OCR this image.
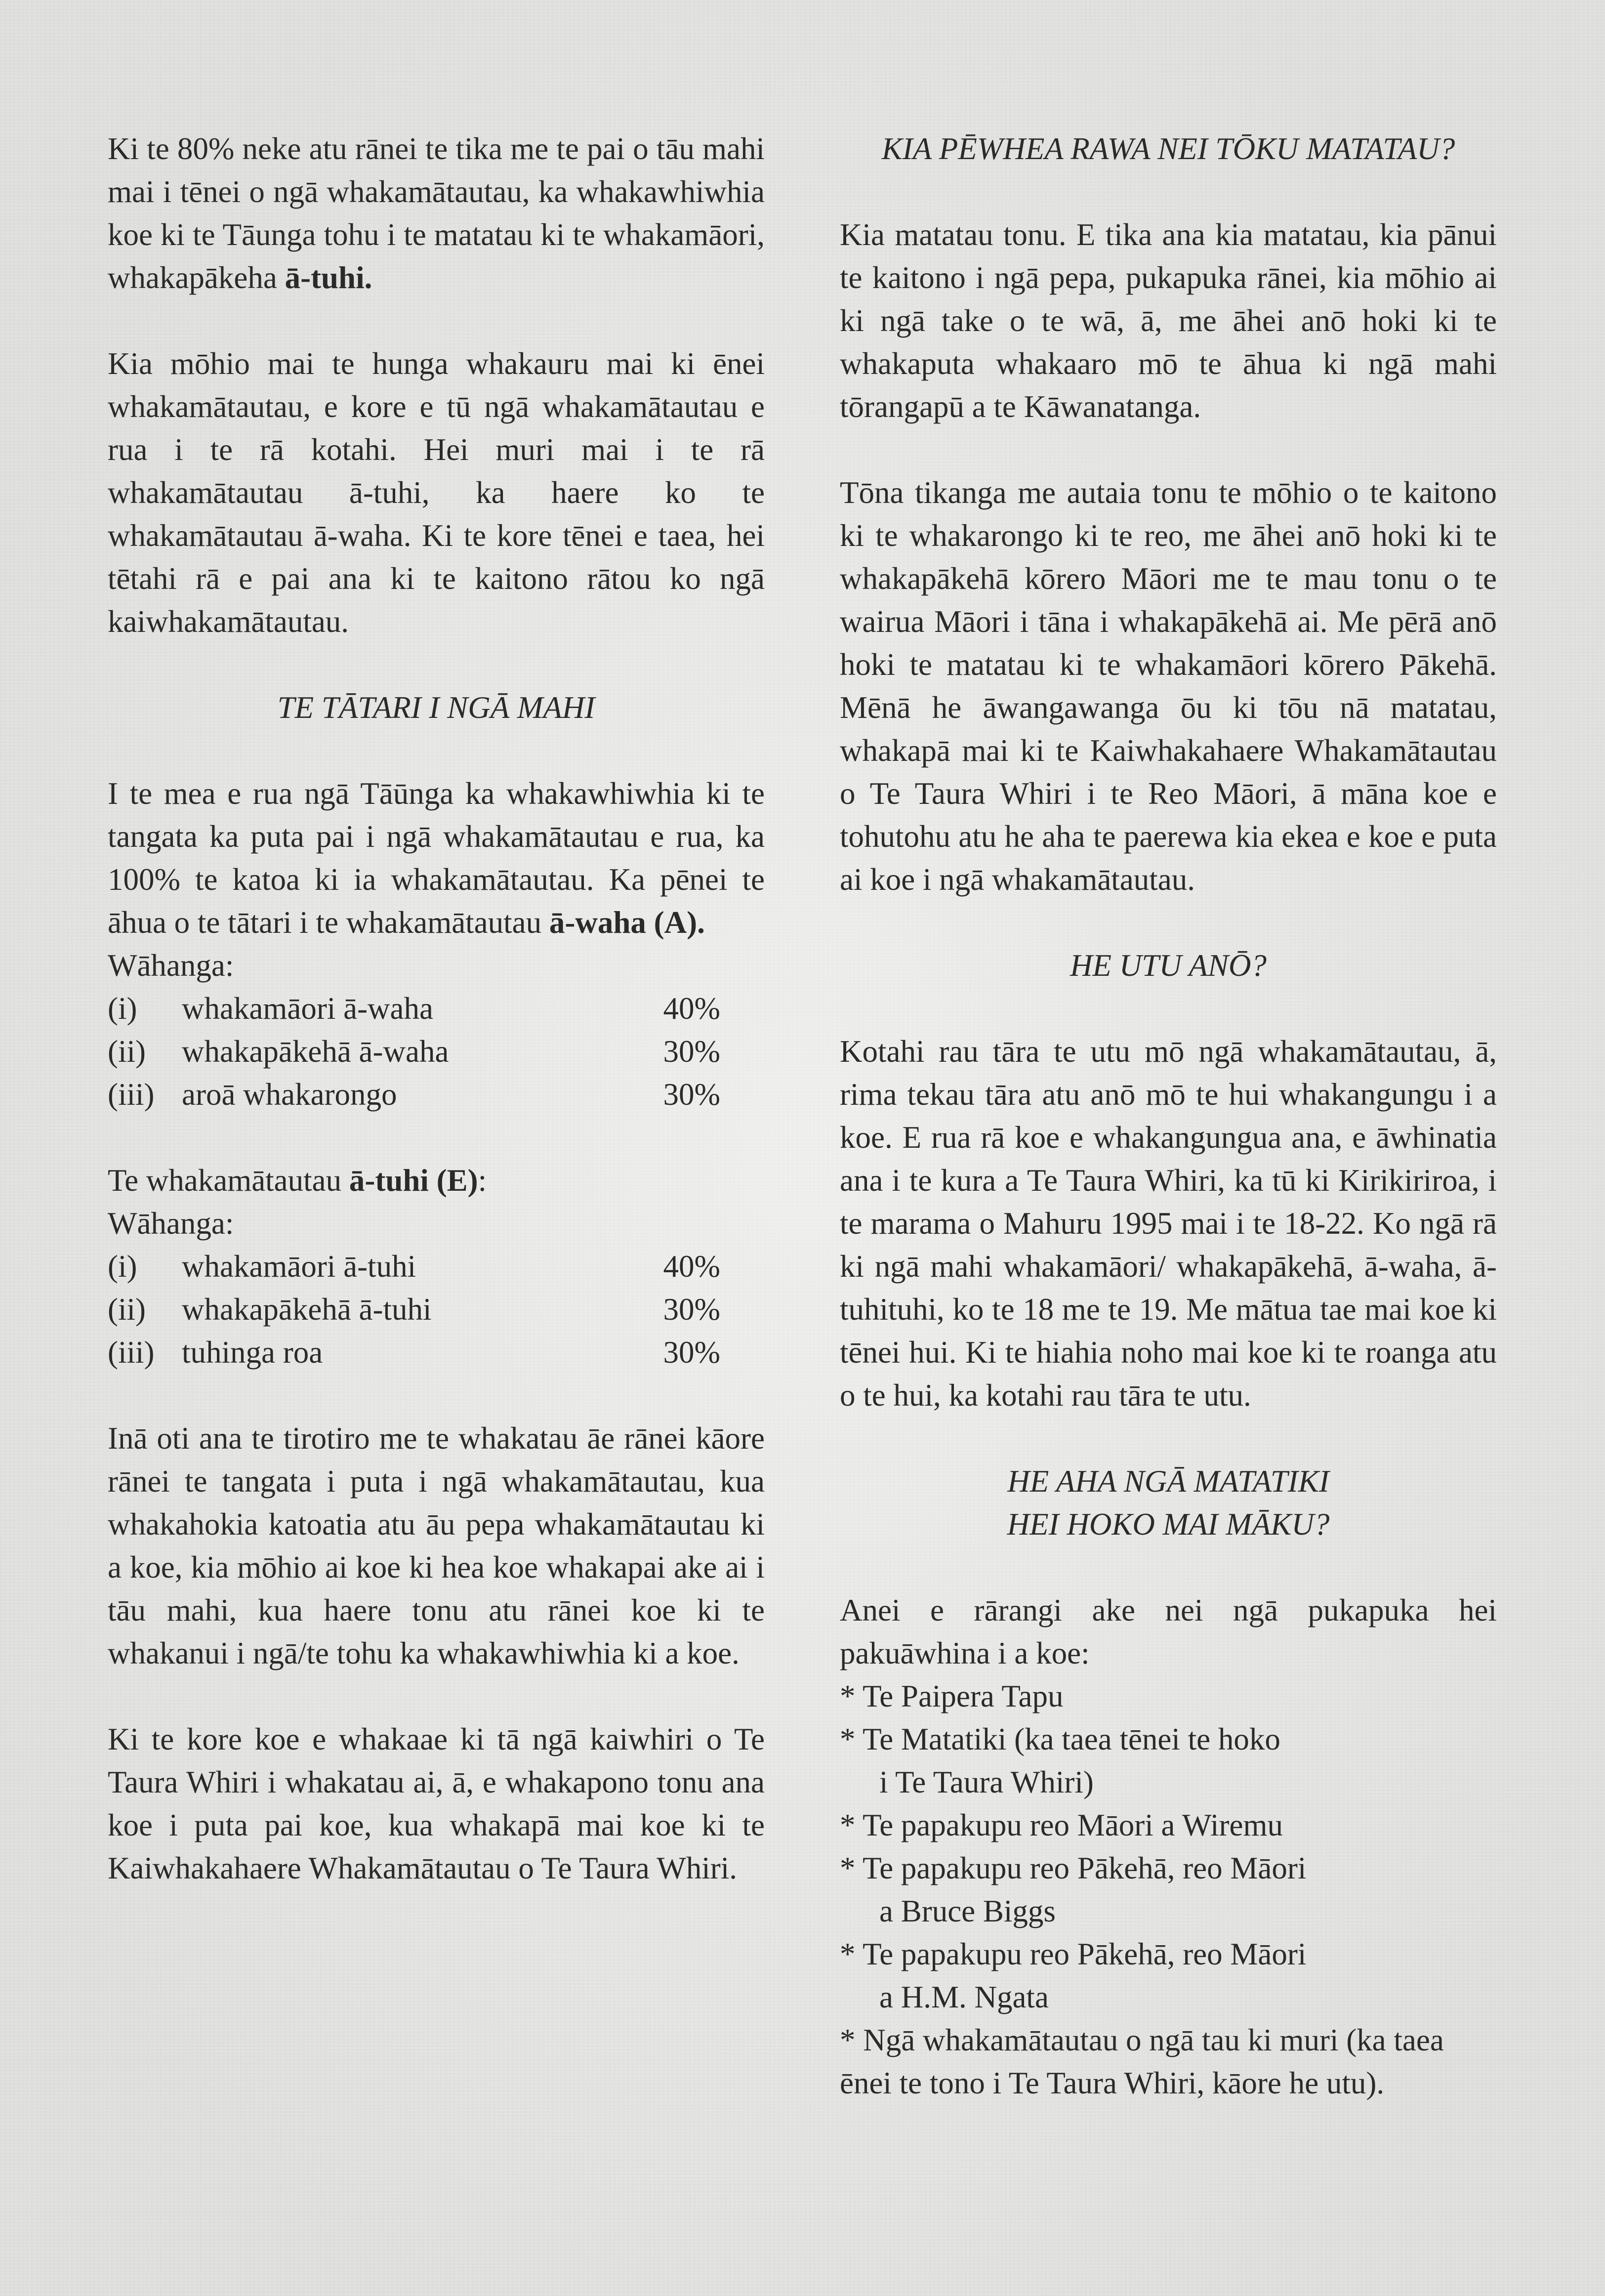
Ki te 80% neke atu rānei te tika me te pai o tāu mahi mai i tēnei o ngā whakamātautau, ka whakawhiwhia koe ki te Tāunga tohu i te matatau ki te whakamāori, whakapākeha ā-tuhi.

Kia mōhio mai te hunga whakauru mai ki ēnei whakamātautau, e kore e tū ngā whakamātautau e rua i te rā kotahi. Hei muri mai i te rā whakamātautau ā-tuhi, ka haere ko te whakamātautau ā-waha. Ki te kore tēnei e taea, hei tētahi rā e pai ana ki te kaitono rātou ko ngā kaiwhakamātautau.

TE TĀTARI I NGĀ MAHI

I te mea e rua ngā Tāūnga ka whakawhiwhia ki te tangata ka puta pai i ngā whakamātautau e rua, ka 100% te katoa ki ia whakamātautau. Ka pēnei te āhua o te tātari i te whakamātautau ā-waha (A).

Wāhanga:
(i)	whakamāori ā-waha	40%
(ii)	whakapākehā ā-waha	30%
(iii)	aroā whakarongo	30%
Te whakamātautau ā-tuhi (E):
Wāhanga:
(i)	whakamāori ā-tuhi	40%
(ii)	whakapākehā ā-tuhi	30%
(iii)	tuhinga roa	30%

Inā oti ana te tirotiro me te whakatau āe rānei kāore rānei te tangata i puta i ngā whakamātautau, kua whakahokia katoatia atu āu pepa whakamātautau ki a koe, kia mōhio ai koe ki hea koe whakapai ake ai i tāu mahi, kua haere tonu atu rānei koe ki te whakanui i ngā/te tohu ka whakawhiwhia ki a koe.

Ki te kore koe e whakaae ki tā ngā kaiwhiri o Te Taura Whiri i whakatau ai, ā, e whakapono tonu ana koe i puta pai koe, kua whakapā mai koe ki te Kaiwhakahaere Whakamātautau o Te Taura Whiri.

KIA PĒWHEA RAWA NEI TŌKU MATATAU?

Kia matatau tonu. E tika ana kia matatau, kia pānui te kaitono i ngā pepa, pukapuka rānei, kia mōhio ai ki ngā take o te wā, ā, me āhei anō hoki ki te whakaputa whakaaro mō te āhua ki ngā mahi tōrangapū a te Kāwanatanga.

Tōna tikanga me autaia tonu te mōhio o te kaitono ki te whakarongo ki te reo, me āhei anō hoki ki te whakapākehā kōrero Māori me te mau tonu o te wairua Māori i tāna i whakapākehā ai. Me pērā anō hoki te matatau ki te whakamāori kōrero Pākehā. Mēnā he āwangawanga ōu ki tōu nā matatau, whakapā mai ki te Kaiwhakahaere Whakamātautau o Te Taura Whiri i te Reo Māori, ā māna koe e tohutohu atu he aha te paerewa kia ekea e koe e puta ai koe i ngā whakamātautau.

HE UTU ANŌ?

Kotahi rau tāra te utu mō ngā whakamātautau, ā, rima tekau tāra atu anō mō te hui whakangungu i a koe. E rua rā koe e whakangungua ana, e āwhinatia ana i te kura a Te Taura Whiri, ka tū ki Kirikiriroa, i te marama o Mahuru 1995 mai i te 18-22. Ko ngā rā ki ngā mahi whakamāori/ whakapākehā, ā-waha, ā-tuhituhi, ko te 18 me te 19. Me mātua tae mai koe ki tēnei hui. Ki te hiahia noho mai koe ki te roanga atu o te hui, ka kotahi rau tāra te utu.

HE AHA NGĀ MATATIKI
HEI HOKO MAI MĀKU?

Anei e rārangi ake nei ngā pukapuka hei pakuāwhina i a koe:

* Te Paipera Tapu
* Te Matatiki (ka taea tēnei te hoko
i Te Taura Whiri)
* Te papakupu reo Māori a Wiremu
* Te papakupu reo Pākehā, reo Māori
a Bruce Biggs
* Te papakupu reo Pākehā, reo Māori
a H.M. Ngata
* Ngā whakamātautau o ngā tau ki muri (ka taea ēnei te tono i Te Taura Whiri, kāore he utu).
